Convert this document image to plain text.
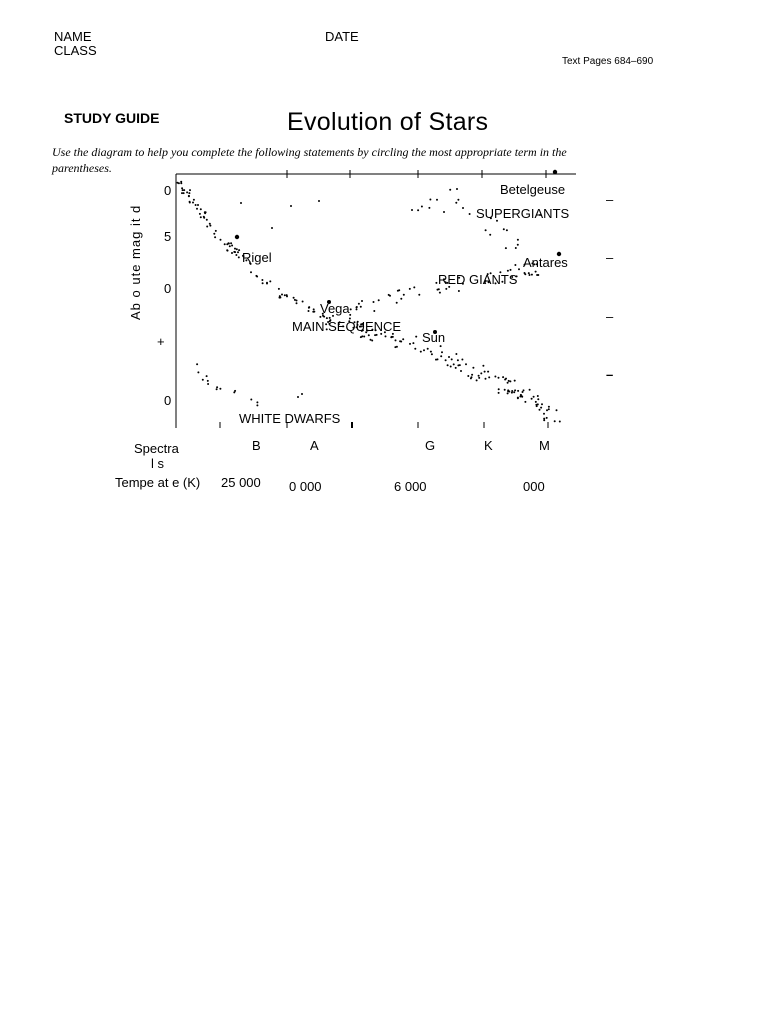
NAME
CLASS
DATE
Text Pages 684–690
STUDY GUIDE	Evolution of Stars
Use the diagram to help you complete the following statements by circling the most appropriate term in the parentheses.
Ab o ute mag it d
0
5
0
+
0
–
–
–
–
Betelgeuse
SUPERGIANTS
Antares
Rigel
RED GIANTS
Vega
MAIN SEQUENCE
Sun
WHITE DWARFS
Spectra
l s
B	A	G	K	M
Tempe at e (K) 25 000 0 000	6 000	000
